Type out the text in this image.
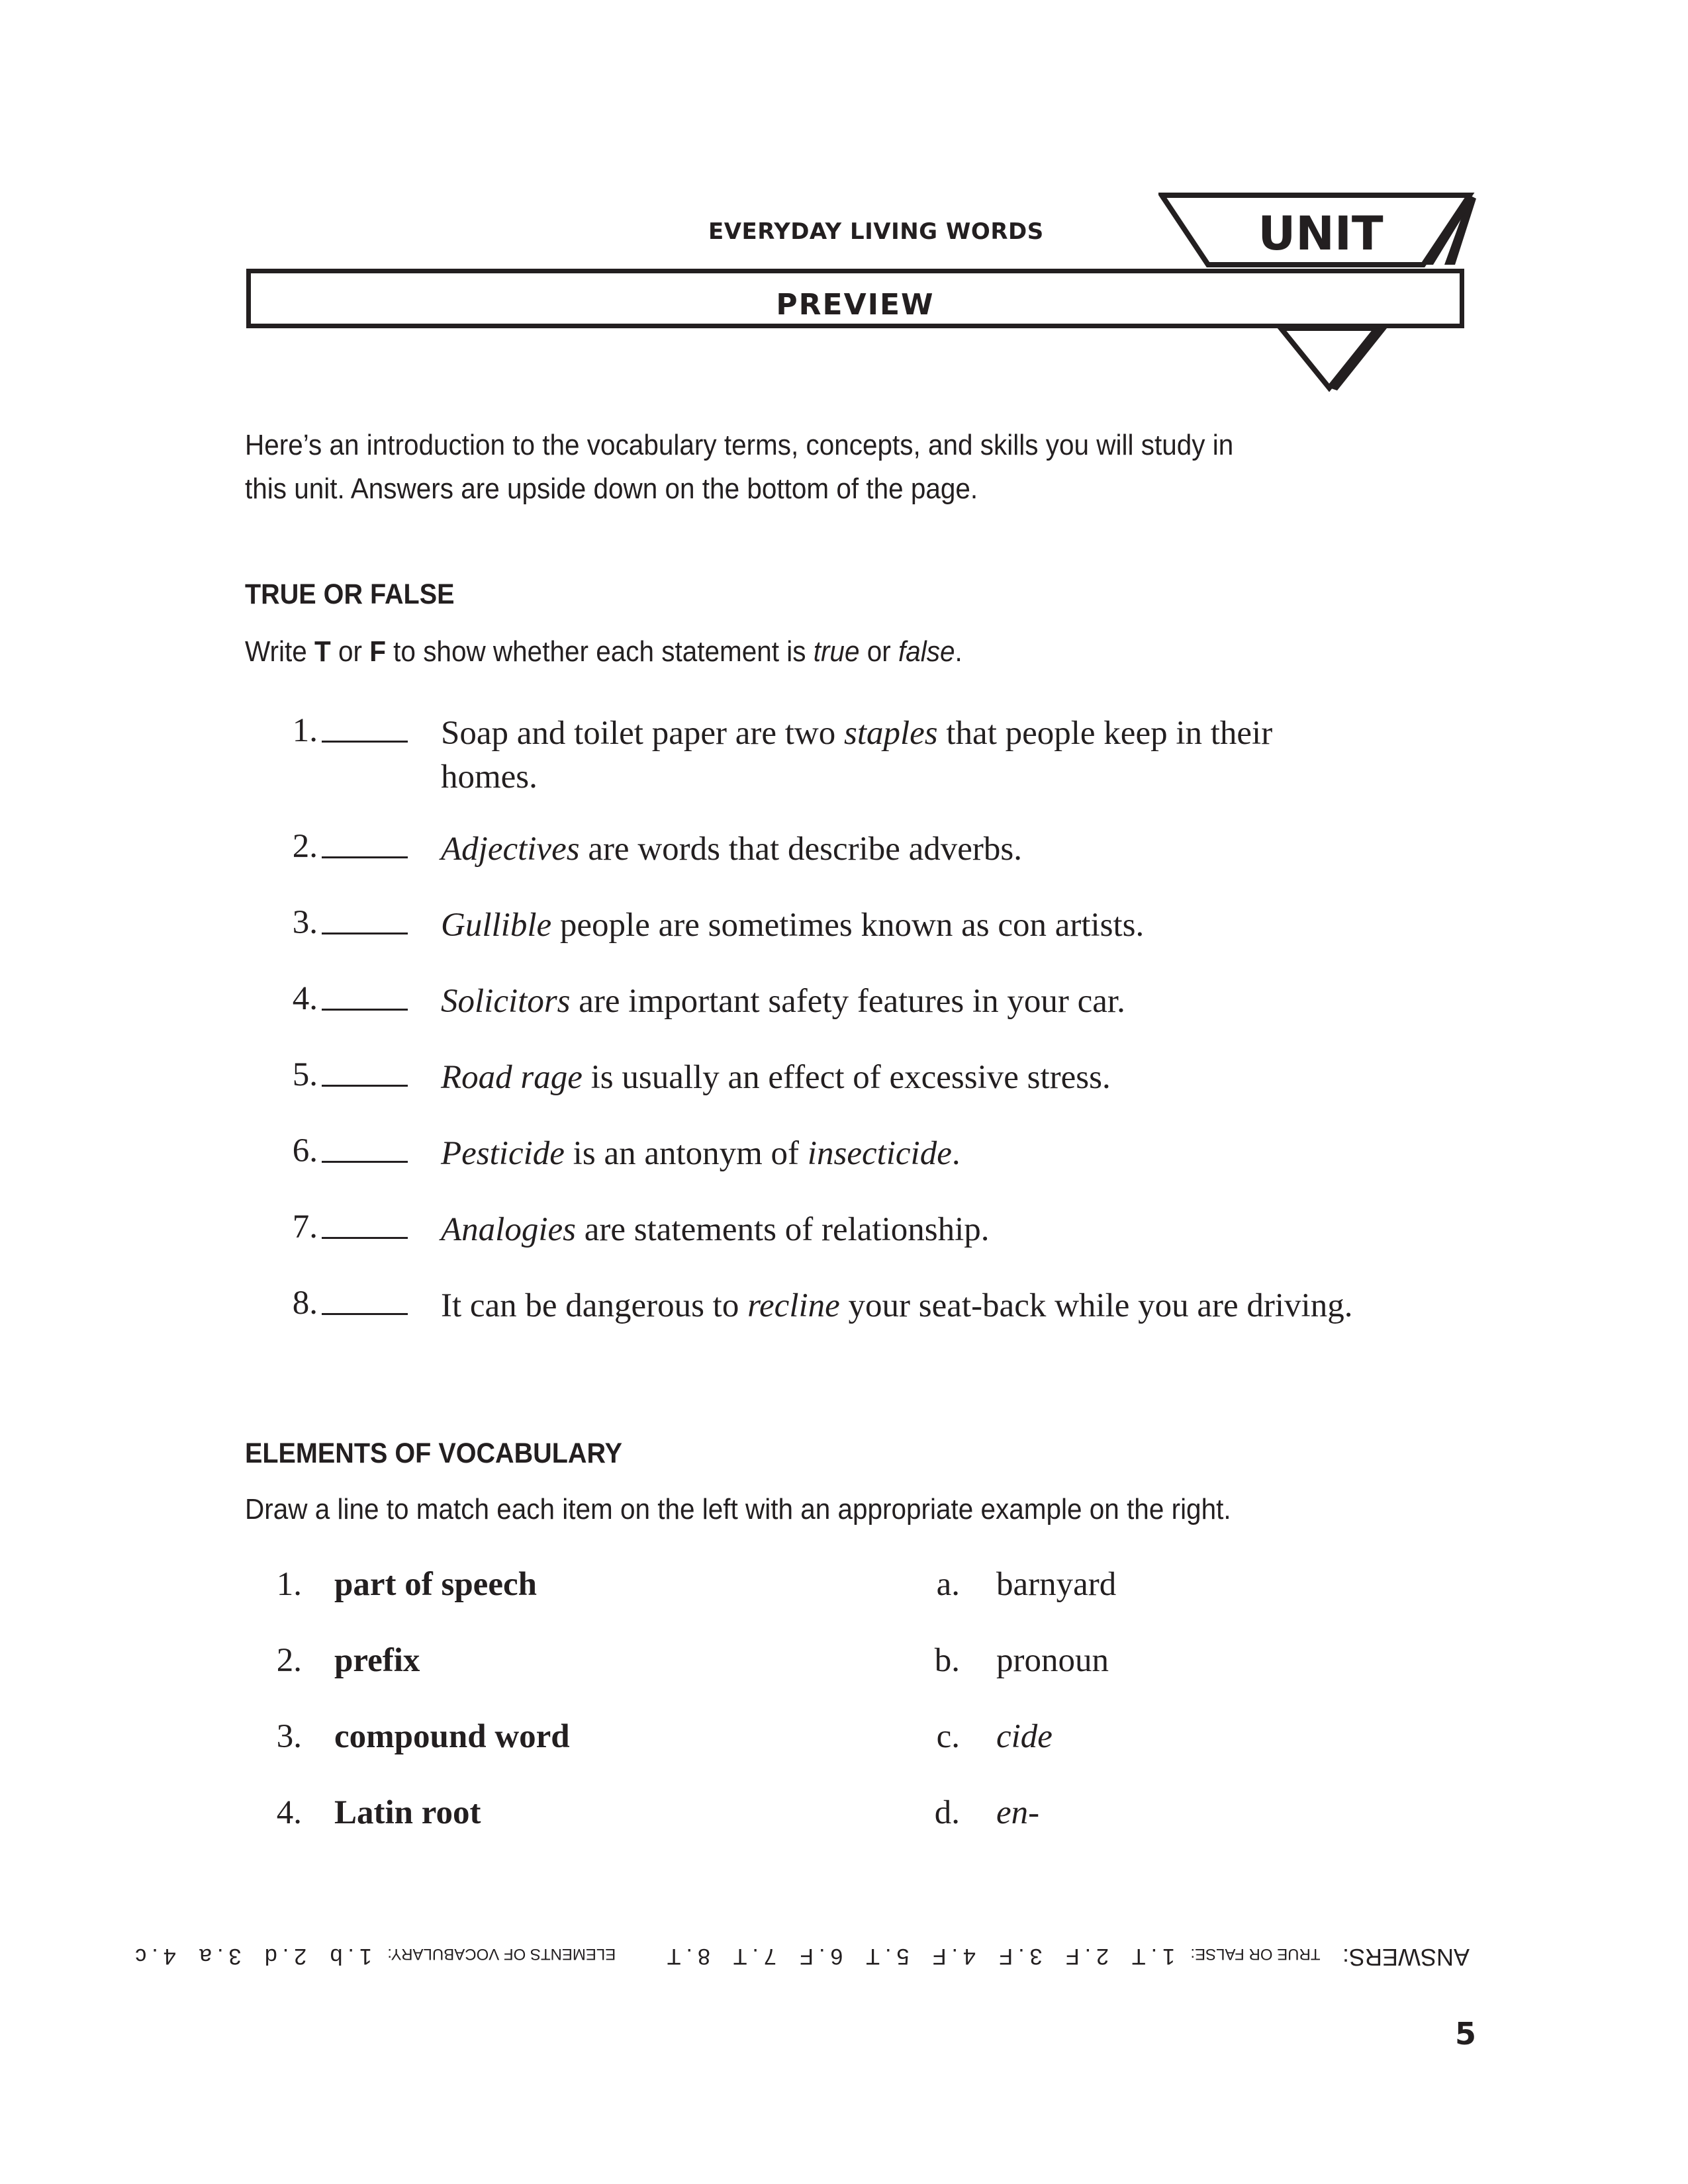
EVERYDAY LIVING WORDS	UNIT
PREVIEW
Here’s an introduction to the vocabulary terms, concepts, and skills you will study in this unit. Answers are upside down on the bottom of the page.
TRUE OR FALSE
Write T or F to show whether each statement is true or false.
1.	Soap and toilet paper are two staples that people keep in their homes.
2.	Adjectives are words that describe adverbs.
3.	Gullible people are sometimes known as con artists.
4.	Solicitors are important safety features in your car.
5.	Road rage is usually an effect of excessive stress.
6.	Pesticide is an antonym of insecticide.
7.	Analogies are statements of relationship.
8.	It can be dangerous to recline your seat-back while you are driving.
ELEMENTS OF VOCABULARY
Draw a line to match each item on the left with an appropriate example on the right.
1. part of speech	a. barnyard
2. prefix	b. pronoun
3. compound word	c. cide
4. Latin root	d. en-
ANSWERS: TRUE OR FALSE: 1.T 2.F 3.F 4.F 5.T 6.F 7.T 8.T ELEMENTS OF VOCABULARY: 1.b 2.d 3.a 4.c
5
